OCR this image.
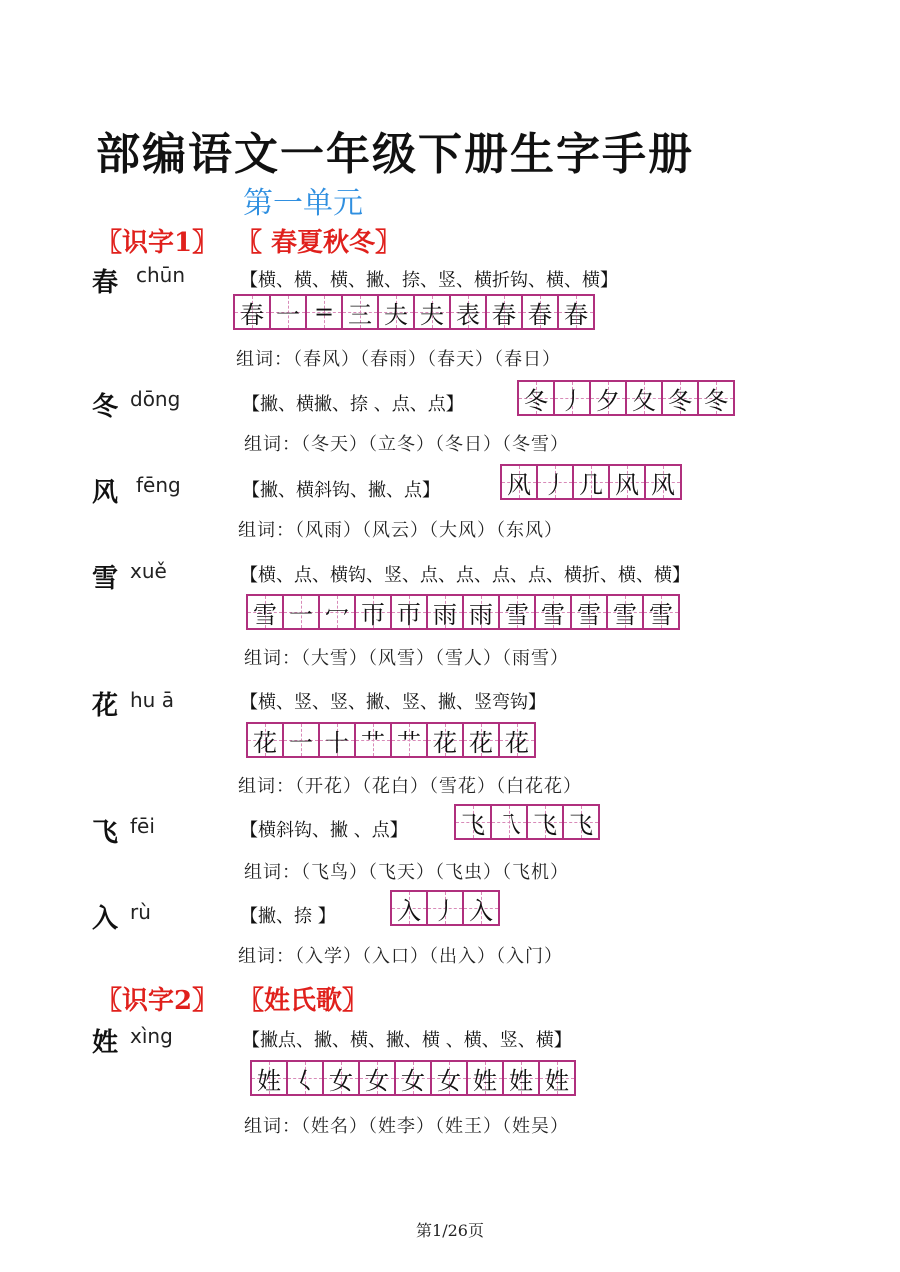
部编语文一年级下册生字手册
第一单元
〖识字1〗 〖 春夏秋冬〗
春 chūn	【横、横、横、撇、捺、竖、横折钩、横、横】
春 一 = 三 夫 夫 表 春 春 春
组词：（春风）（春雨）（春天）（春日）
冬 dōng	【撇、横撇、捺 、点、点】	冬 丿 夕 夂 冬 冬
组词：（冬天）（立冬）（冬日）（冬雪）
风 fēng	【撇、横斜钩、撇、点】	风 丿 几 风 风
组词：（风雨）（风云）（大风）（东风）
雪 xuě	【横、点、横钩、竖、点、点、点、点、横折、横、横】
雪 一 冖 帀 帀 雨 雨 雪 雪 雪 雪 雪
组词：（大雪）（风雪）（雪人）（雨雪）
花 hu ā	【横、竖、竖、撇、竖、撇、竖弯钩】
花 一 十 艹 艹 花 花 花
组词：（开花）（花白）（雪花）（白花花）
飞 fēi	【横斜钩、撇 、点】 飞 乁 飞 飞
组词：（飞鸟）（飞天）（飞虫）（飞机）
入 rù	【撇、捺 】	入 丿 入
组词：（入学）（入口）（出入）（入门）
〖识字2〗 〖姓氏歌〗
姓 xìng	【撇点、撇、横、撇、横 、横、竖、横】
姓 𡿨 女 女 女 女 姓 姓 姓
组词：（姓名）（姓李）（姓王）（姓吴）
第1/26页
